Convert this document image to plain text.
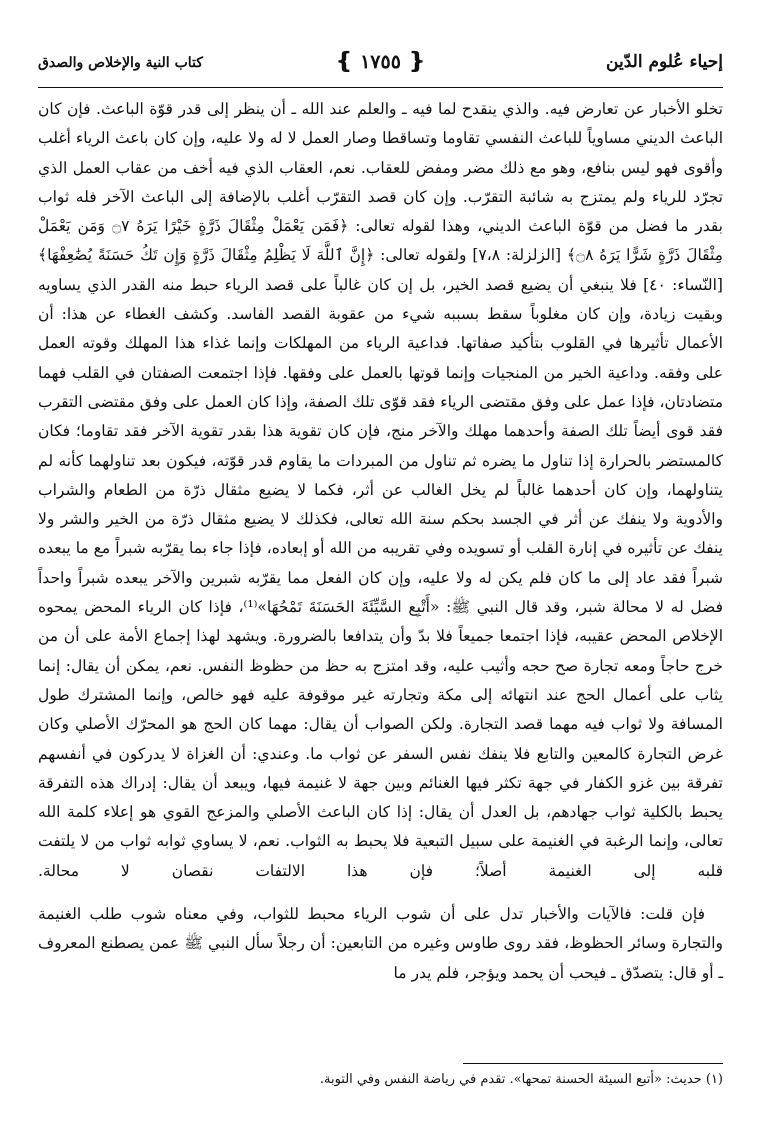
إحياء عُلوم الدّين
❴ ١٧٥٥ ❵
كتاب النية والإخلاص والصدق

تخلو الأخبار عن تعارض فيه. والذي ينقدح لما فيه ـ والعلم عند الله ـ أن ينظر إلى قدر قوّة الباعث. فإن كان الباعث الديني مساوياً للباعث النفسي تقاوما وتساقطا وصار العمل لا له ولا عليه، وإن كان باعث الرياء أغلب وأقوى فهو ليس بنافع، وهو مع ذلك مضر ومفض للعقاب. نعم، العقاب الذي فيه أخف من عقاب العمل الذي تجرّد للرياء ولم يمتزج به شائبة التقرّب. وإن كان قصد التقرّب أغلب بالإضافة إلى الباعث الآخر فله ثواب بقدر ما فضل من قوّة الباعث الديني، وهذا لقوله تعالى: ﴿فَمَن يَعْمَلْ مِثْقَالَ ذَرَّةٍ خَيْرًا يَرَهُ ۝٧ وَمَن يَعْمَلْ مِثْقَالَ ذَرَّةٍ شَرًّا يَرَهُ ۝٨﴾ [الزلزلة: ٧،٨] ولقوله تعالى: ﴿إِنَّ ٱللَّهَ لَا يَظْلِمُ مِثْقَالَ ذَرَّةٍ وَإِن تَكُ حَسَنَةً يُضَٰعِفْهَا﴾ [النّساء: ٤٠] فلا ينبغي أن يضيع قصد الخير، بل إن كان غالباً على قصد الرياء حبط منه القدر الذي يساويه وبقيت زيادة، وإن كان مغلوباً سقط بسببه شيء من عقوبة القصد الفاسد. وكشف الغطاء عن هذا: أن الأعمال تأثيرها في القلوب بتأكيد صفاتها. فداعية الرياء من المهلكات وإنما غذاء هذا المهلك وقوته العمل على وفقه. وداعية الخير من المنجيات وإنما قوتها بالعمل على وفقها. فإذا اجتمعت الصفتان في القلب فهما متضادتان، فإذا عمل على وفق مقتضى الرياء فقد قوّى تلك الصفة، وإذا كان العمل على وفق مقتضى التقرب فقد قوى أيضاً تلك الصفة وأحدهما مهلك والآخر منج، فإن كان تقوية هذا بقدر تقوية الآخر فقد تقاوما؛ فكان كالمستضر بالحرارة إذا تناول ما يضره ثم تناول من المبردات ما يقاوم قدر قوّته، فيكون بعد تناولهما كأنه لم يتناولهما، وإن كان أحدهما غالباً لم يخل الغالب عن أثر، فكما لا يضيع مثقال ذرّة من الطعام والشراب والأدوية ولا ينفك عن أثر في الجسد بحكم سنة الله تعالى، فكذلك لا يضيع مثقال ذرّة من الخير والشر ولا ينفك عن تأثيره في إنارة القلب أو تسويده وفي تقريبه من الله أو إبعاده، فإذا جاء بما يقرّبه شبراً مع ما يبعده شبراً فقد عاد إلى ما كان فلم يكن له ولا عليه، وإن كان الفعل مما يقرّبه شبرين والآخر يبعده شبراً واحداً فضل له لا محالة شبر، وقد قال النبي ﷺ: «أَتْبِع السَّيِّئَةَ الحَسَنَةَ تَمْحُهَا»⁽¹⁾، فإذا كان الرياء المحض يمحوه الإخلاص المحض عقيبه، فإذا اجتمعا جميعاً فلا بدّ وأن يتدافعا بالضرورة. ويشهد لهذا إجماع الأمة على أن من خرج حاجاً ومعه تجارة صح حجه وأثيب عليه، وقد امتزج به حظ من حظوظ النفس. نعم، يمكن أن يقال: إنما يثاب على أعمال الحج عند انتهائه إلى مكة وتجارته غير موقوفة عليه فهو خالص، وإنما المشترك طول المسافة ولا ثواب فيه مهما قصد التجارة. ولكن الصواب أن يقال: مهما كان الحج هو المحرّك الأصلي وكان غرض التجارة كالمعين والتابع فلا ينفك نفس السفر عن ثواب ما. وعندي: أن الغزاة لا يدركون في أنفسهم تفرقة بين غزو الكفار في جهة تكثر فيها الغنائم وبين جهة لا غنيمة فيها، ويبعد أن يقال: إدراك هذه التفرقة يحبط بالكلية ثواب جهادهم، بل العدل أن يقال: إذا كان الباعث الأصلي والمزعج القوي هو إعلاء كلمة الله تعالى، وإنما الرغبة في الغنيمة على سبيل التبعية فلا يحبط به الثواب. نعم، لا يساوي ثوابه ثواب من لا يلتفت قلبه إلى الغنيمة أصلاً؛ فإن هذا الالتفات نقصان لا محالة.

فإن قلت: فالآيات والأخبار تدل على أن شوب الرياء محبط للثواب، وفي معناه شوب طلب الغنيمة والتجارة وسائر الحظوظ، فقد روى طاوس وغيره من التابعين: أن رجلاً سأل النبي ﷺ عمن يصطنع المعروف ـ أو قال: يتصدّق ـ فيحب أن يحمد ويؤجر، فلم يدر ما

(١) حديث: «أتبع السيئة الحسنة تمحها». تقدم في رياضة النفس وفي التوبة.
